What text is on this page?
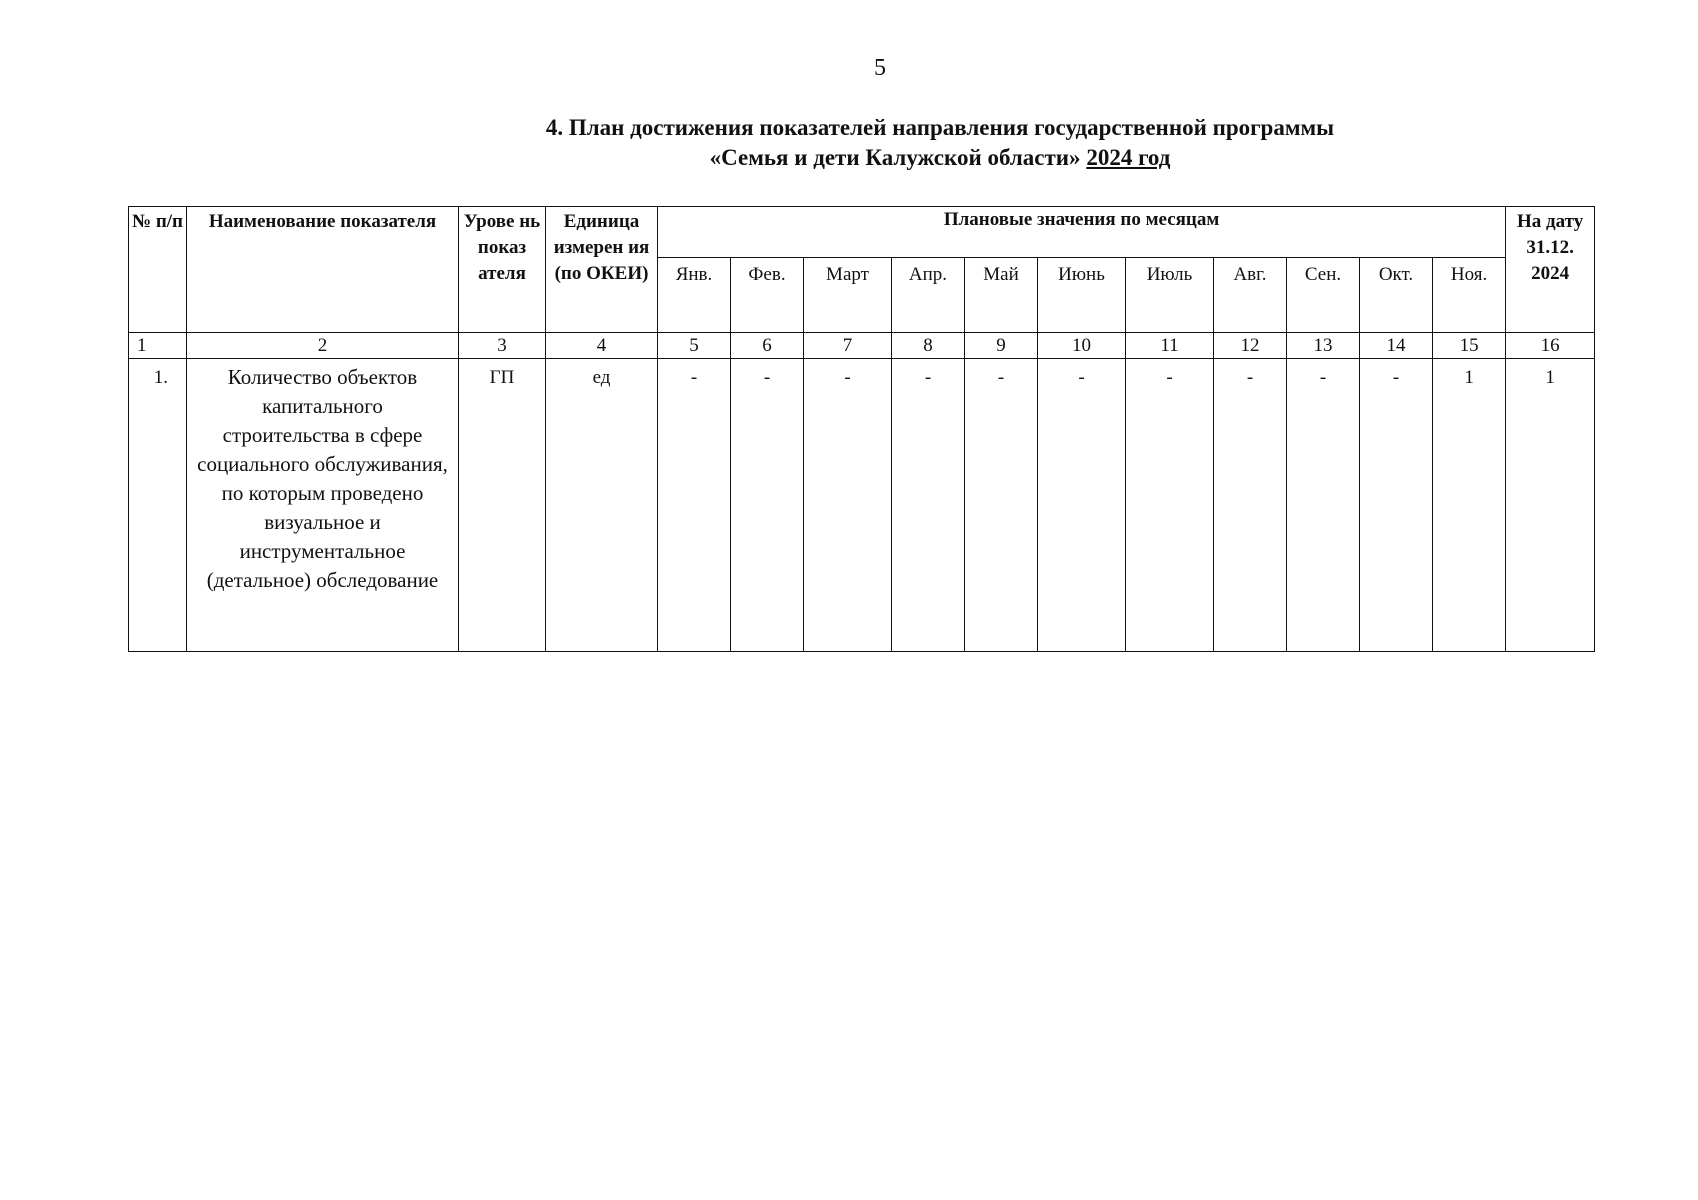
5
4. План достижения показателей направления государственной программы
«Семья и дети Калужской области» 2024 год
№ п/п	Наименование показателя	Урове нь показ ателя	Единица измерен ия (по ОКЕИ)	Плановые значения по месяцам											На дату 31.12. 2024
				Янв.	Фев.	Март	Апр.	Май	Июнь	Июль	Авг.	Сен.	Окт.	Ноя.	
1	2	3	4	5	6	7	8	9	10	11	12	13	14	15	16
1.	Количество объектов капитального строительства в сфере социального обслуживания, по которым проведено визуальное и инструментальное (детальное) обследование	ГП	ед	-	-	-	-	-	-	-	-	-	-	1	1
